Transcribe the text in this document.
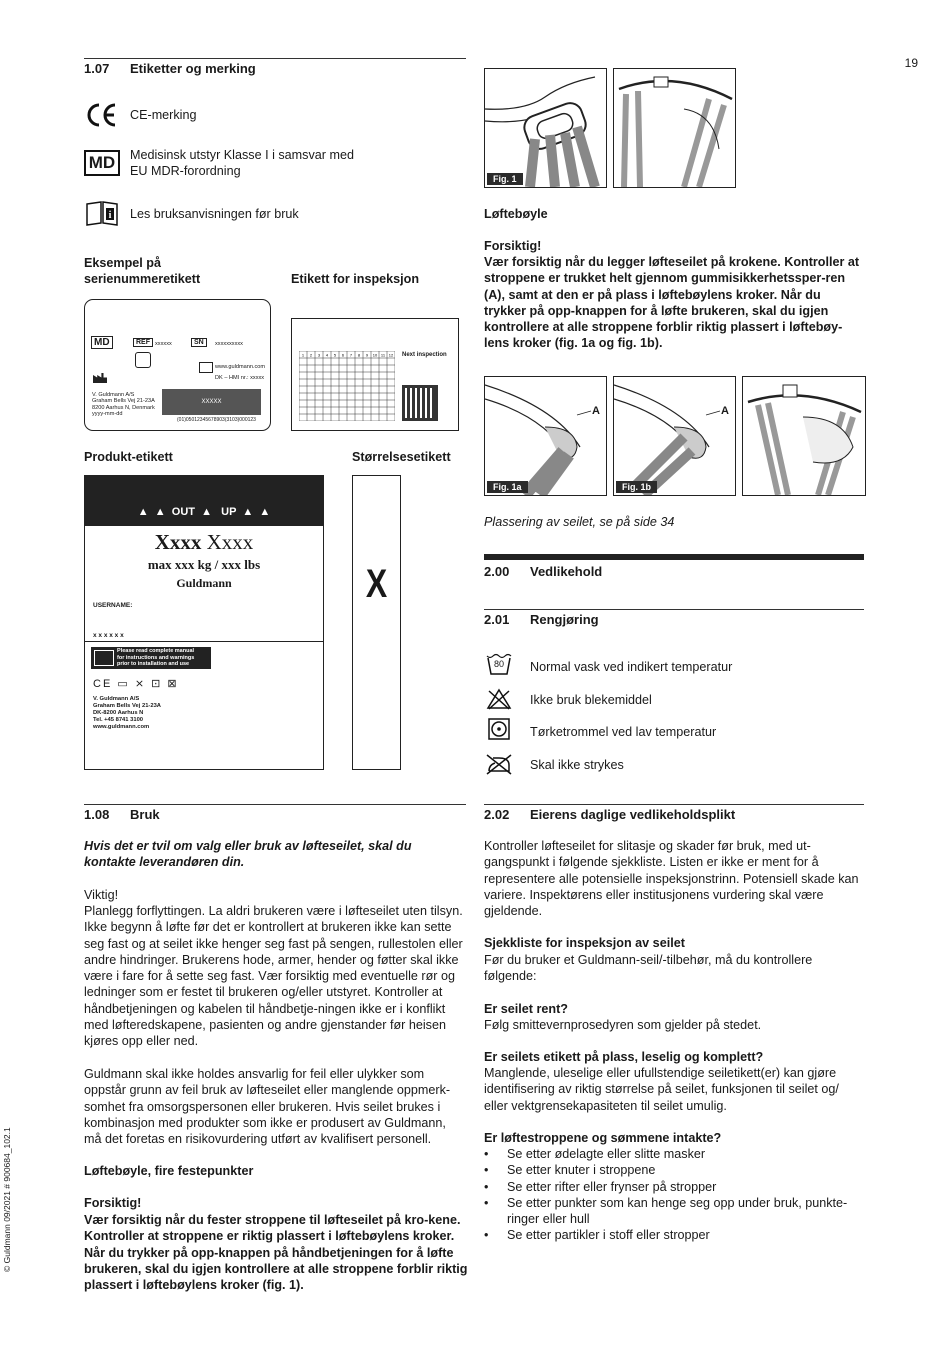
19
© Guldmann 09/2021 # 900684_102.1
1.07 Etiketter og merking
CE-merking
MD	Medisinsk utstyr Klasse I i samsvar med
EU MDR-forordning
i Les bruksanvisningen før bruk
Eksempel på
serienummeretikett	Etikett for inspeksjon
MD	REF xxxxxx	SN	xxxxxxxxxx
www.guldmann.com
DK – HMI nr.: xxxxx
V. Guldmann A/S
Graham Bells Vej 21-23A
8200 Aarhus N, Denmark
yyyy-mm-dd
XXXXX
(01)05012345678903(3103)000123
1 2 3 4 5 6 7 8 9 10 11 12 Next inspection
Produkt-etikett	Størrelsesetikett
▲  ▲  OUT  ▲   UP  ▲  ▲
Xxxx Xxxx
max xxx kg / xxx lbs
Guldmann
USERNAME:
x x x x x x
Please read complete manual
for instructions and warnings
prior to installation and use
CE ▭ ⨯ ⊡ ⊠
V. Guldmann A/S
Graham Bells Vej 21-23A
DK-8200 Aarhus N
Tel. +45 8741 3100
www.guldmann.com
X
Fig. 1
Løftebøyle
Forsiktig!

Vær forsiktig når du legger løfteseilet på krokene. Kontroller at stroppene er trukket helt gjennom gummisikkerhetssper-ren (A), samt at den er på plass i løftebøylens kroker. Når du trykker på opp-knappen for å løfte brukeren, skal du igjen kontrollere at alle stroppene forblir riktig plassert i løftebøy-lens kroker (fig. 1a og fig. 1b).

A
Fig. 1a
A
Fig. 1b
Plassering av seilet, se på side 34
2.00 Vedlikehold
2.01 Rengjøring
80	Normal vask ved indikert temperatur
Ikke bruk blekemiddel
Tørketrommel ved lav temperatur
Skal ikke strykes
1.08 Bruk

Hvis det er tvil om valg eller bruk av løfteseilet, skal du kontakte leverandøren din.

Viktig!

Planlegg forflyttingen. La aldri brukeren være i løfteseilet uten tilsyn. Ikke begynn å løfte før det er kontrollert at brukeren ikke kan sette seg fast og at seilet ikke henger seg fast på sengen, rullestolen eller andre hindringer. Brukerens hode, armer, hender og føtter skal ikke være i fare for å sette seg fast. Vær forsiktig med eventuelle rør og ledninger som er festet til brukeren og/eller utstyret. Kontroller at håndbetjeningen og kabelen til håndbetje-ningen ikke er i konflikt med løfteredskapene, pasienten og andre gjenstander før heisen kjøres opp eller ned.

Guldmann skal ikke holdes ansvarlig for feil eller ulykker som oppstår grunn av feil bruk av løfteseilet eller manglende oppmerk-somhet fra omsorgspersonen eller brukeren. Hvis seilet brukes i kombinasjon med produkter som ikke er produsert av Guldmann, må det foretas en risikovurdering utført av kvalifisert personell.

Løftebøyle, fire festepunkter
Forsiktig!

Vær forsiktig når du fester stroppene til løfteseilet på kro-kene. Kontroller at stroppene er riktig plassert i løftebøylens kroker. Når du trykker på opp-knappen på håndbetjeningen for å løfte brukeren, skal du igjen kontrollere at alle stroppene forblir riktig plassert i løftebøylens kroker (fig. 1).

2.02 Eierens daglige vedlikeholdsplikt

Kontroller løfteseilet for slitasje og skader før bruk, med ut-gangspunkt i følgende sjekkliste. Listen er ikke er ment for å representere alle potensielle inspeksjonstrinn. Potensiell skade kan variere. Inspektørens eller institusjonens vurdering skal være gjeldende.

Sjekkliste for inspeksjon av seilet

Før du bruker et Guldmann-seil/-tilbehør, må du kontrollere følgende:

Er seilet rent?
Følg smittevernprosedyren som gjelder på stedet.
Er seilets etikett på plass, leselig og komplett?

Manglende, uleselige eller ufullstendige seiletikett(er) kan gjøre identifisering av riktig størrelse på seilet, funksjonen til seilet og/ eller vektgrensekapasiteten til seilet umulig.

Er løftestroppene og sømmene intakte?
• Se etter ødelagte eller slitte masker
• Se etter knuter i stroppene
• Se etter rifter eller frynser på stropper
• Se etter punkter som kan henge seg opp under bruk, punkte-ringer eller hull
• Se etter partikler i stoff eller stropper
